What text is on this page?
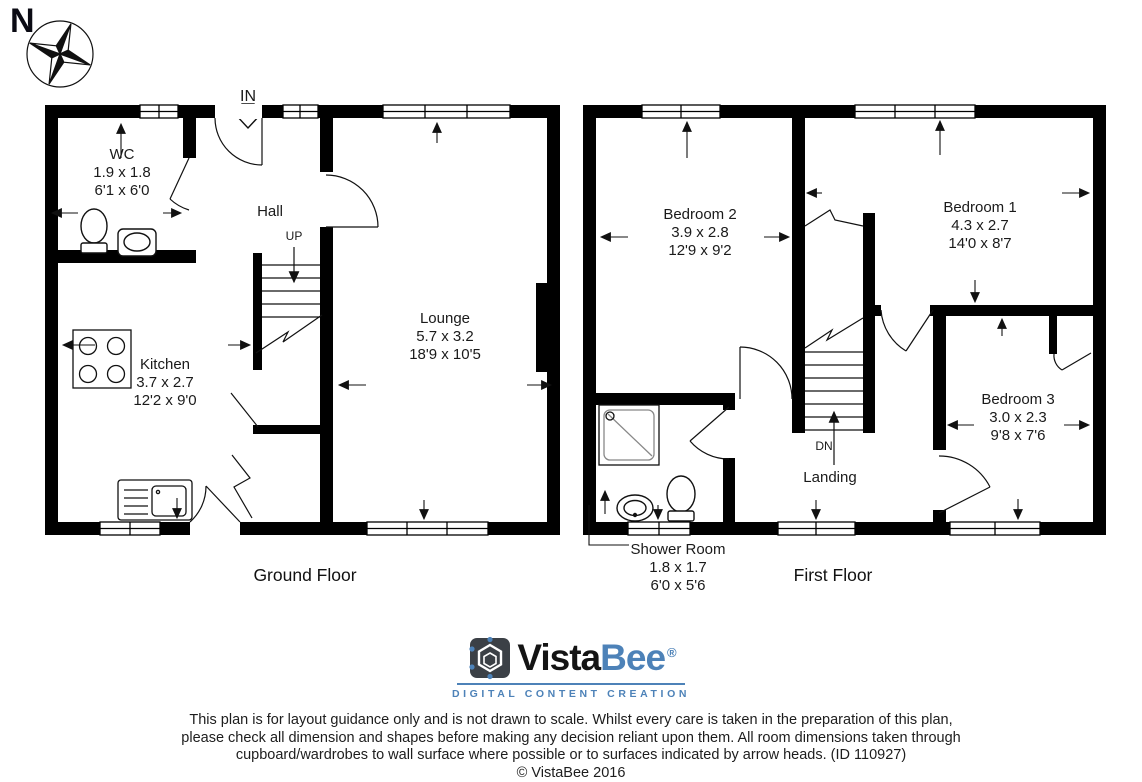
N
IN
WC
1.9 x 1.8
6'1 x 6'0
Hall
UP
Kitchen
3.7 x 2.7
12'2 x 9'0
Lounge
5.7 x 3.2
18'9 x 10'5
Ground Floor
Bedroom 2
3.9 x 2.8
12'9 x 9'2
Bedroom 1
4.3 x 2.7
14'0 x 8'7
Bedroom 3
3.0 x 2.3
9'8 x 7'6
Landing
DN
Shower Room
1.8 x 1.7
6'0 x 5'6
First Floor
VistaBee ®
DIGITAL CONTENT CREATION
This plan is for layout guidance only and is not drawn to scale. Whilst every care is taken in the preparation of this plan,
please check all dimension and shapes before making any decision reliant upon them. All room dimensions taken through
cupboard/wardrobes to wall surface where possible or to surfaces indicated by arrow heads. (ID 110927)
© VistaBee 2016
